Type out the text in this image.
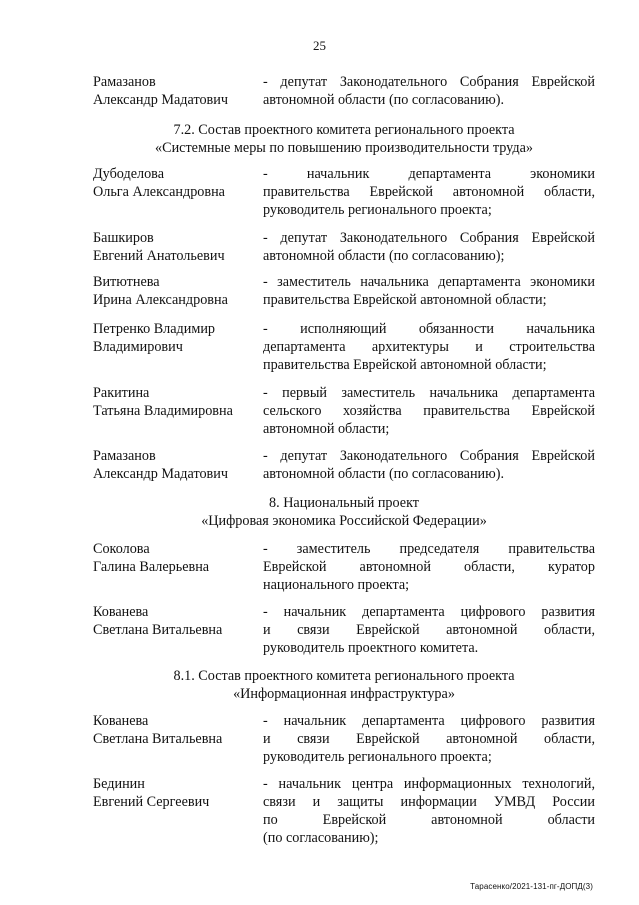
25
Рамазанов
Александр Мадатович
- депутат Законодательного Собрания Еврейской
автономной области (по согласованию).
7.2. Состав проектного комитета регионального проекта
«Системные меры по повышению производительности труда»
Дубоделова
Ольга Александровна
- начальник департамента экономики
правительства Еврейской автономной области,
руководитель регионального проекта;
Башкиров
Евгений Анатольевич
- депутат Законодательного Собрания Еврейской
автономной области (по согласованию);
Витютнева
Ирина Александровна
- заместитель начальника департамента экономики
правительства Еврейской автономной области;
Петренко Владимир
Владимирович
- исполняющий обязанности начальника
департамента архитектуры и строительства
правительства Еврейской автономной области;
Ракитина
Татьяна Владимировна
- первый заместитель начальника департамента
сельского хозяйства правительства Еврейской
автономной области;
Рамазанов
Александр Мадатович
- депутат Законодательного Собрания Еврейской
автономной области (по согласованию).
8. Национальный проект
«Цифровая экономика Российской Федерации»
Соколова
Галина Валерьевна
- заместитель председателя правительства
Еврейской автономной области, куратор
национального проекта;
Кованева
Светлана Витальевна
- начальник департамента цифрового развития
и связи Еврейской автономной области,
руководитель проектного комитета.
8.1. Состав проектного комитета регионального проекта
«Информационная инфраструктура»
Кованева
Светлана Витальевна
- начальник департамента цифрового развития
и связи Еврейской автономной области,
руководитель регионального проекта;
Бединин
Евгений Сергеевич
- начальник центра информационных технологий,
связи и защиты информации УМВД России
по Еврейской автономной области
(по согласованию);
Тарасенко/2021-131-пг-ДОПД(3)
